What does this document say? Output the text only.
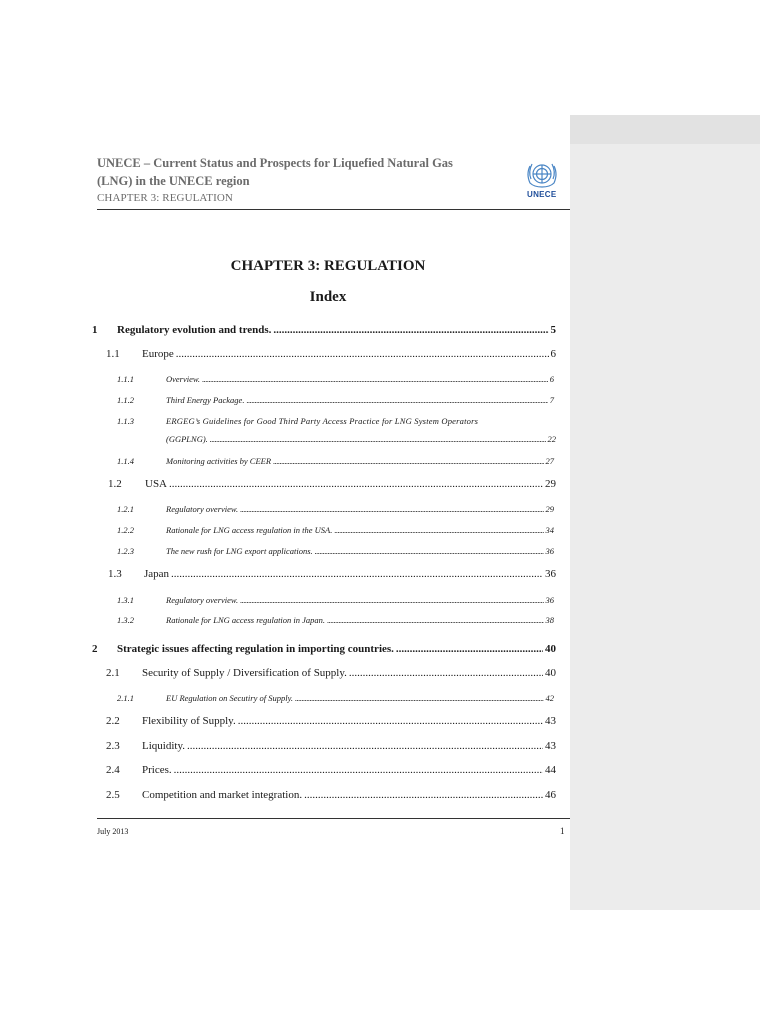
UNECE – Current Status and Prospects for Liquefied Natural Gas (LNG) in the UNECE region
CHAPTER 3: REGULATION	UNECE
CHAPTER 3: REGULATION
Index
1	Regulatory evolution and trends. .....	5
1.1	Europe .....	6
1.1.1	Overview. .....	6
1.1.2	Third Energy Package. .....	7
1.1.3	ERGEG’s Guidelines for Good Third Party Access Practice for LNG System Operators
(GGPLNG). .....	22
1.1.4	Monitoring activities by CEER .....	27
1.2	USA .....	29
1.2.1	Regulatory overview. .....	29
1.2.2	Rationale for LNG access regulation in the USA. .....	34
1.2.3	The new rush for LNG export applications. .....	36
1.3	Japan .....	36
1.3.1	Regulatory overview. .....	36
1.3.2	Rationale for LNG access regulation in Japan. .....	38
2	Strategic issues affecting regulation in importing countries. .....	40
2.1	Security of Supply / Diversification of Supply. .....	40
2.1.1	EU Regulation on Secutiry of Supply. .....	42
2.2	Flexibility of Supply. .....	43
2.3	Liquidity. .....	43
2.4	Prices. .....	44
2.5	Competition and market integration. .....	46
July 2013	1
